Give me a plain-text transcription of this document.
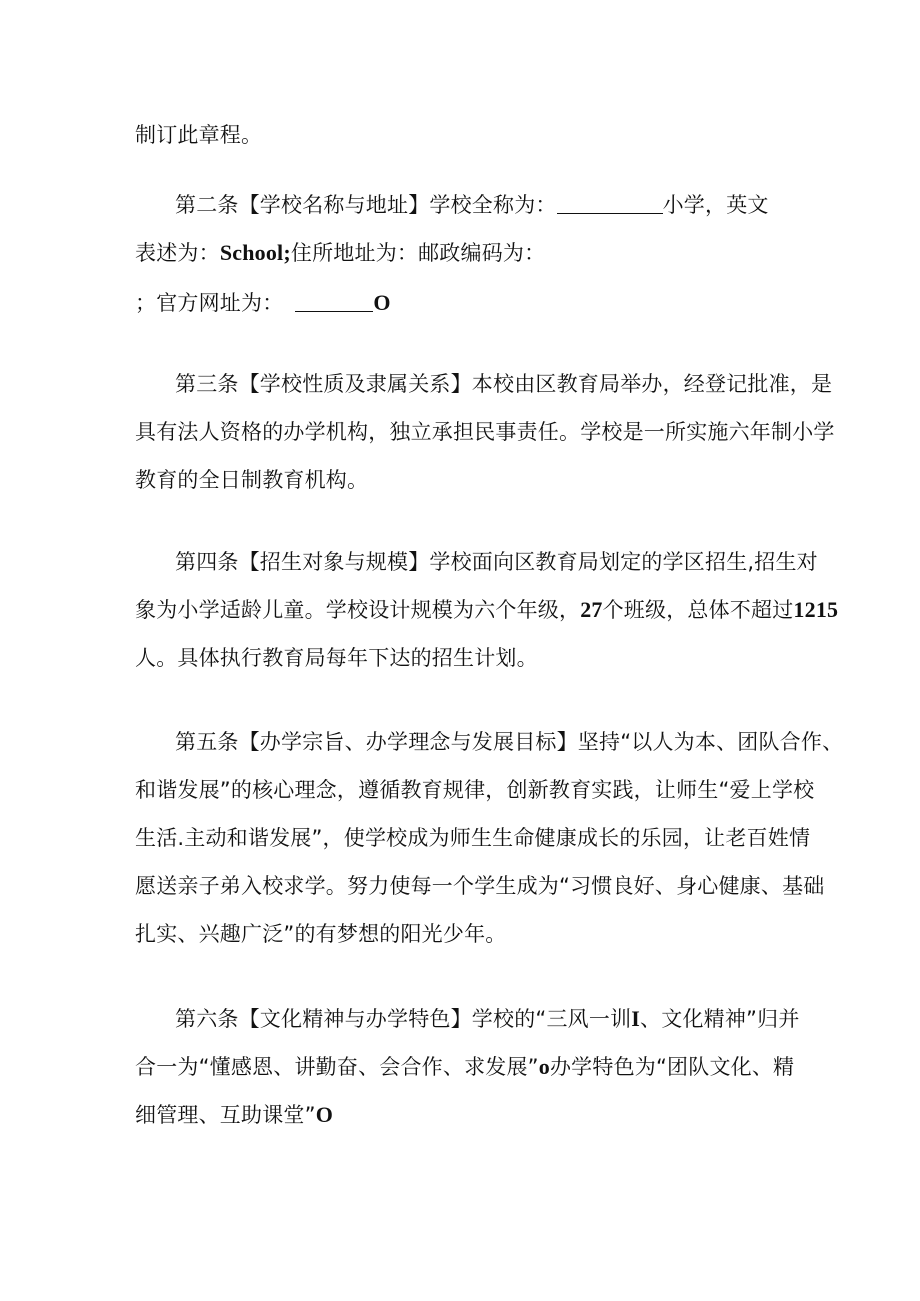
制订此章程。
第二条【学校名称与地址】学校全称为：	小学，英文
表述为：School;住所地址为：邮政编码为：
；官方网址为：	O
第三条【学校性质及隶属关系】本校由区教育局举办，经登记批准，是
具有法人资格的办学机构，独立承担民事责任。学校是一所实施六年制小学
教育的全日制教育机构。
第四条【招生对象与规模】学校面向区教育局划定的学区招生,招生对
象为小学适龄儿童。学校设计规模为六个年级，27个班级，总体不超过1215
人。具体执行教育局每年下达的招生计划。
第五条【办学宗旨、办学理念与发展目标】坚持“以人为本、团队合作、
和谐发展”的核心理念，遵循教育规律，创新教育实践，让师生“爱上学校
生活.主动和谐发展”，使学校成为师生生命健康成长的乐园，让老百姓情
愿送亲子弟入校求学。努力使每一个学生成为“习惯良好、身心健康、基础
扎实、兴趣广泛”的有梦想的阳光少年。
第六条【文化精神与办学特色】学校的“三风一训I、文化精神”归并
合一为“懂感恩、讲勤奋、会合作、求发展”o办学特色为“团队文化、精
细管理、互助课堂”O
